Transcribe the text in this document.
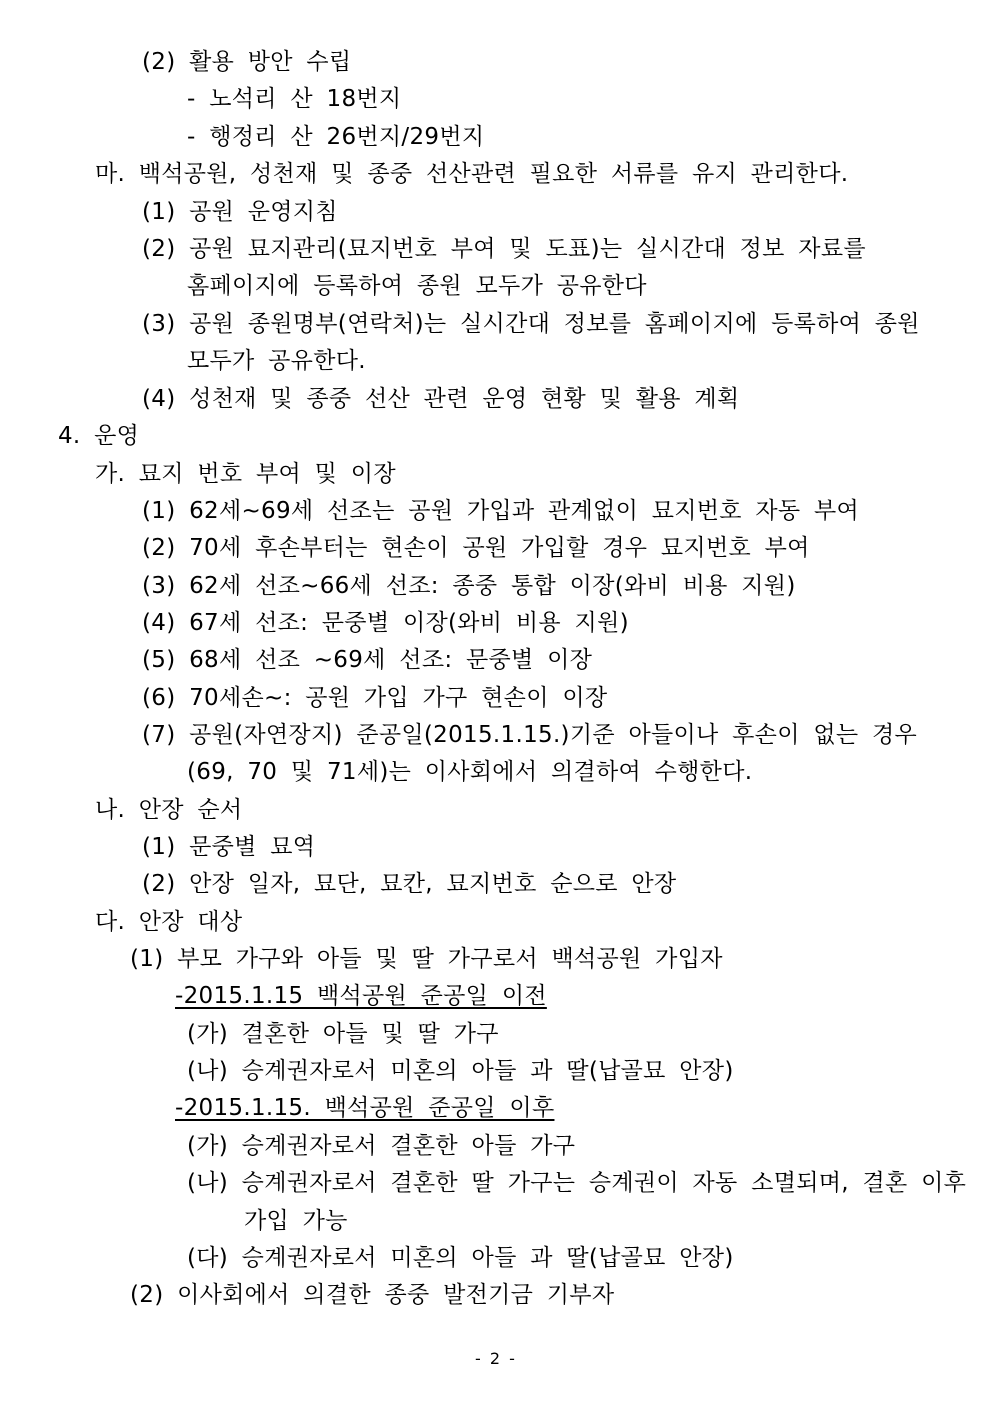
(2) 활용 방안 수립
- 노석리 산 18번지
- 행정리 산 26번지/29번지
마. 백석공원, 성천재 및 종중 선산관련 필요한 서류를 유지 관리한다.
(1) 공원 운영지침
(2) 공원 묘지관리(묘지번호 부여 및 도표)는 실시간대 정보 자료를
홈페이지에 등록하여 종원 모두가 공유한다
(3) 공원 종원명부(연락처)는 실시간대 정보를 홈페이지에 등록하여 종원
모두가 공유한다.
(4) 성천재 및 종중 선산 관련 운영 현황 및 활용 계획
4. 운영
가. 묘지 번호 부여 및 이장
(1) 62세~69세 선조는 공원 가입과 관계없이 묘지번호 자동 부여
(2) 70세 후손부터는 현손이 공원 가입할 경우 묘지번호 부여
(3) 62세 선조~66세 선조: 종중 통합 이장(와비 비용 지원)
(4) 67세 선조: 문중별 이장(와비 비용 지원)
(5) 68세 선조 ~69세 선조: 문중별 이장
(6) 70세손~: 공원 가입 가구 현손이 이장
(7) 공원(자연장지) 준공일(2015.1.15.)기준 아들이나 후손이 없는 경우
(69, 70 및 71세)는 이사회에서 의결하여 수행한다.
나. 안장 순서
(1) 문중별 묘역
(2) 안장 일자, 묘단, 묘칸, 묘지번호 순으로 안장
다. 안장 대상
(1) 부모 가구와 아들 및 딸 가구로서 백석공원 가입자
-2015.1.15 백석공원 준공일 이전
(가) 결혼한 아들 및 딸 가구
(나) 승계권자로서 미혼의 아들 과 딸(납골묘 안장)
-2015.1.15. 백석공원 준공일 이후
(가) 승계권자로서 결혼한 아들 가구
(나) 승계권자로서 결혼한 딸 가구는 승계권이 자동 소멸되며, 결혼 이후
가입 가능
(다) 승계권자로서 미혼의 아들 과 딸(납골묘 안장)
(2) 이사회에서 의결한 종중 발전기금 기부자
- 2 -
